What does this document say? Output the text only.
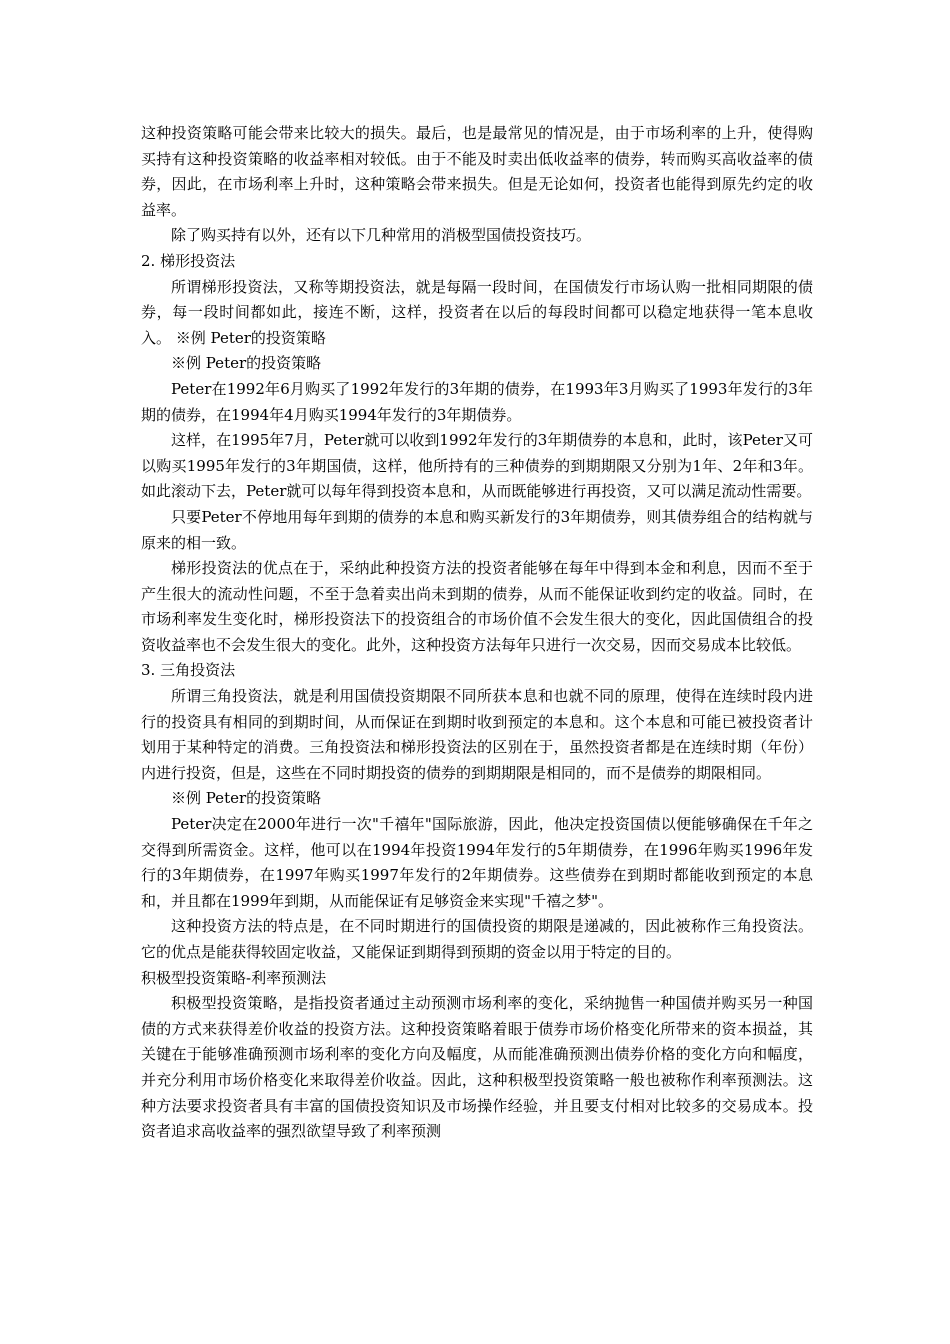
这种投资策略可能会带来比较大的损失。最后，也是最常见的情况是，由于市场利率的上升，使得购买持有这种投资策略的收益率相对较低。由于不能及时卖出低收益率的债券，转而购买高收益率的债券，因此，在市场利率上升时，这种策略会带来损失。但是无论如何，投资者也能得到原先约定的收益率。

除了购买持有以外，还有以下几种常用的消极型国债投资技巧。

2. 梯形投资法

所谓梯形投资法，又称等期投资法，就是每隔一段时间，在国债发行市场认购一批相同期限的债券，每一段时间都如此，接连不断，这样，投资者在以后的每段时间都可以稳定地获得一笔本息收入。 ※例 Peter的投资策略

※例 Peter的投资策略

Peter在1992年6月购买了1992年发行的3年期的债券，在1993年3月购买了1993年发行的3年期的债券，在1994年4月购买1994年发行的3年期债券。

这样，在1995年7月，Peter就可以收到1992年发行的3年期债券的本息和，此时，该Peter又可以购买1995年发行的3年期国债，这样，他所持有的三种债券的到期期限又分别为1年、2年和3年。如此滚动下去，Peter就可以每年得到投资本息和，从而既能够进行再投资，又可以满足流动性需要。

只要Peter不停地用每年到期的债券的本息和购买新发行的3年期债券，则其债券组合的结构就与原来的相一致。

梯形投资法的优点在于，采纳此种投资方法的投资者能够在每年中得到本金和利息，因而不至于产生很大的流动性问题，不至于急着卖出尚未到期的债券，从而不能保证收到约定的收益。同时，在市场利率发生变化时，梯形投资法下的投资组合的市场价值不会发生很大的变化，因此国债组合的投资收益率也不会发生很大的变化。此外，这种投资方法每年只进行一次交易，因而交易成本比较低。

3. 三角投资法

所谓三角投资法，就是利用国债投资期限不同所获本息和也就不同的原理，使得在连续时段内进行的投资具有相同的到期时间，从而保证在到期时收到预定的本息和。这个本息和可能已被投资者计划用于某种特定的消费。三角投资法和梯形投资法的区别在于，虽然投资者都是在连续时期（年份）内进行投资，但是，这些在不同时期投资的债券的到期期限是相同的，而不是债券的期限相同。

※例 Peter的投资策略

Peter决定在2000年进行一次"千禧年"国际旅游，因此，他决定投资国债以便能够确保在千年之交得到所需资金。这样，他可以在1994年投资1994年发行的5年期债券，在1996年购买1996年发行的3年期债券，在1997年购买1997年发行的2年期债券。这些债券在到期时都能收到预定的本息和，并且都在1999年到期，从而能保证有足够资金来实现"千禧之梦"。

这种投资方法的特点是，在不同时期进行的国债投资的期限是递减的，因此被称作三角投资法。它的优点是能获得较固定收益，又能保证到期得到预期的资金以用于特定的目的。

积极型投资策略-利率预测法

积极型投资策略，是指投资者通过主动预测市场利率的变化，采纳抛售一种国债并购买另一种国债的方式来获得差价收益的投资方法。这种投资策略着眼于债券市场价格变化所带来的资本损益，其关键在于能够准确预测市场利率的变化方向及幅度，从而能准确预测出债券价格的变化方向和幅度，并充分利用市场价格变化来取得差价收益。因此，这种积极型投资策略一般也被称作利率预测法。这种方法要求投资者具有丰富的国债投资知识及市场操作经验，并且要支付相对比较多的交易成本。投资者追求高收益率的强烈欲望导致了利率预测
